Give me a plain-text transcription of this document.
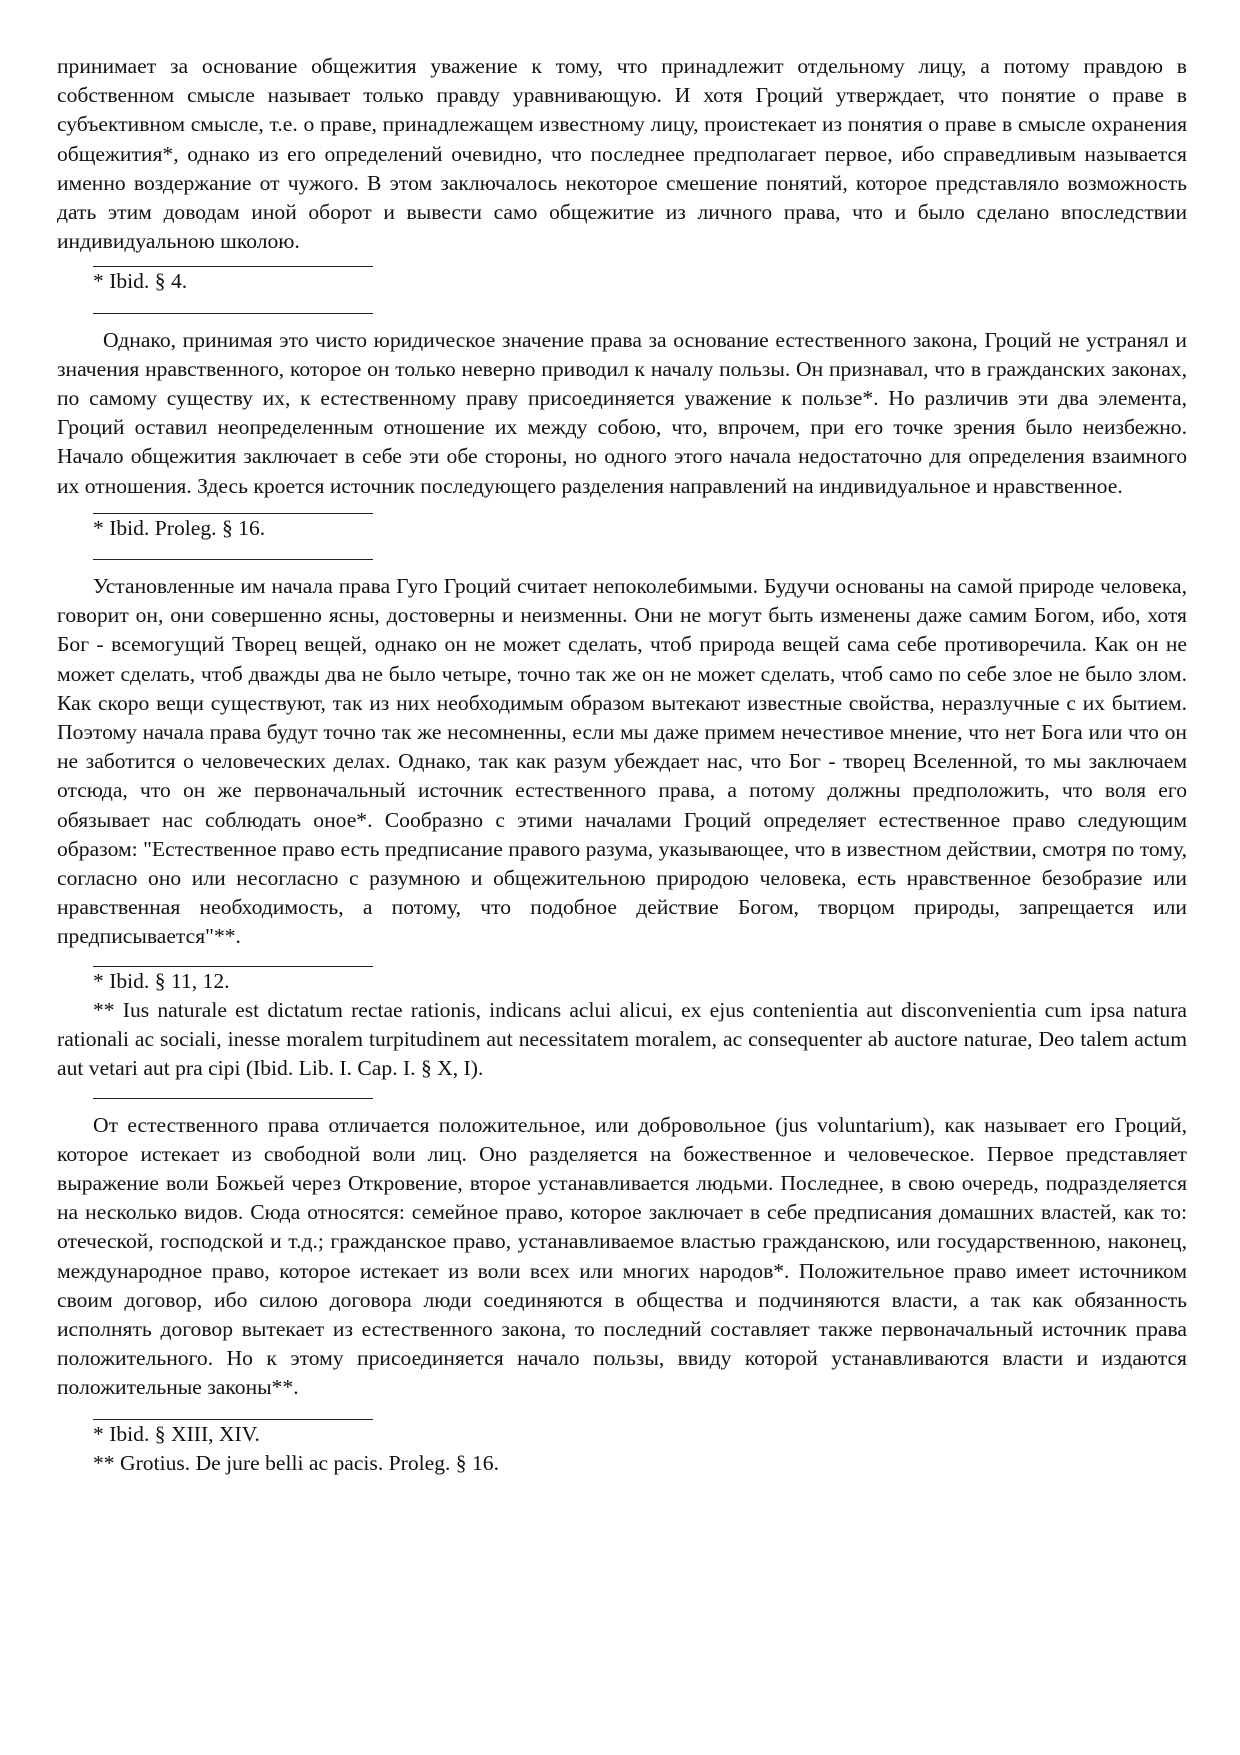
принимает за основание общежития уважение к тому, что принадлежит отдельному лицу, а потому правдою в собственном смысле называет только правду уравнивающую. И хотя Гроций утверждает, что понятие о праве в субъективном смысле, т.е. о праве, принадлежащем известному лицу, проистекает из понятия о праве в смысле охранения общежития*, однако из его определений очевидно, что последнее предполагает первое, ибо справедливым называется именно воздержание от чужого. В этом заключалось некоторое смешение понятий, которое представляло возможность дать этим доводам иной оборот и вывести само общежитие из личного права, что и было сделано впоследствии индивидуальною школою.

* Ibid. § 4.

Однако, принимая это чисто юридическое значение права за основание естественного закона, Гроций не устранял и значения нравственного, которое он только неверно приводил к началу пользы. Он признавал, что в гражданских законах, по самому существу их, к естественному праву присоединяется уважение к пользе*. Но различив эти два элемента, Гроций оставил неопределенным отношение их между собою, что, впрочем, при его точке зрения было неизбежно. Начало общежития заключает в себе эти обе стороны, но одного этого начала недостаточно для определения взаимного их отношения. Здесь кроется источник последующего разделения направлений на индивидуальное и нравственное.

* Ibid. Proleg. § 16.

Установленные им начала права Гуго Гроций считает непоколебимыми. Будучи основаны на самой природе человека, говорит он, они совершенно ясны, достоверны и неизменны. Они не могут быть изменены даже самим Богом, ибо, хотя Бог - всемогущий Творец вещей, однако он не может сделать, чтоб природа вещей сама себе противоречила. Как он не может сделать, чтоб дважды два не было четыре, точно так же он не может сделать, чтоб само по себе злое не было злом. Как скоро вещи существуют, так из них необходимым образом вытекают известные свойства, неразлучные с их бытием. Поэтому начала права будут точно так же несомненны, если мы даже примем нечестивое мнение, что нет Бога или что он не заботится о человеческих делах. Однако, так как разум убеждает нас, что Бог - творец Вселенной, то мы заключаем отсюда, что он же первоначальный источник естественного права, а потому должны предположить, что воля его обязывает нас соблюдать оное*. Сообразно с этими началами Гроций определяет естественное право следующим образом: "Естественное право есть предписание правого разума, указывающее, что в известном действии, смотря по тому, согласно оно или несогласно с разумною и общежительною природою человека, есть нравственное безобразие или нравственная необходимость, а потому, что подобное действие Богом, творцом природы, запрещается или предписывается"**.

* Ibid. § 11, 12.

** Ius naturale est dictatum rectae rationis, indicans aclui alicui, ex ejus contenientia aut disconvenientia cum ipsa natura rationali ac sociali, inesse moralem turpitudinem aut necessitatem moralem, ac consequenter ab auctore naturae, Deo talem actum aut vetari aut pra cipi (Ibid. Lib. I. Cap. I. § X, I).

От естественного права отличается положительное, или добровольное (jus voluntarium), как называет его Гроций, которое истекает из свободной воли лиц. Оно разделяется на божественное и человеческое. Первое представляет выражение воли Божьей через Откровение, второе устанавливается людьми. Последнее, в свою очередь, подразделяется на несколько видов. Сюда относятся: семейное право, которое заключает в себе предписания домашних властей, как то: отеческой, господской и т.д.; гражданское право, устанавливаемое властью гражданскою, или государственною, наконец, международное право, которое истекает из воли всех или многих народов*. Положительное право имеет источником своим договор, ибо силою договора люди соединяются в общества и подчиняются власти, а так как обязанность исполнять договор вытекает из естественного закона, то последний составляет также первоначальный источник права положительного. Но к этому присоединяется начало пользы, ввиду которой устанавливаются власти и издаются положительные законы**.

* Ibid. § XIII, XIV.

** Grotius. De jure belli ac pacis. Proleg. § 16.
